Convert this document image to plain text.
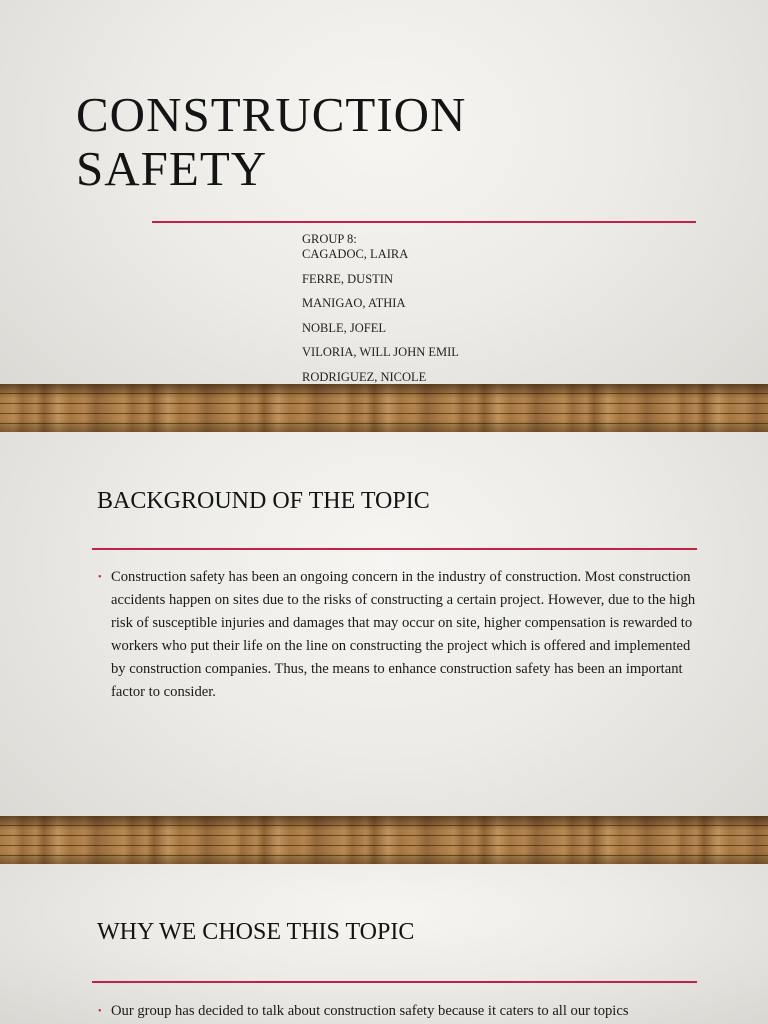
CONSTRUCTION
SAFETY
GROUP 8:
CAGADOC, LAIRA
FERRE, DUSTIN
MANIGAO, ATHIA
NOBLE, JOFEL
VILORIA, WILL JOHN EMIL
RODRIGUEZ, NICOLE
BACKGROUND OF THE TOPIC
• Construction safety has been an ongoing concern in the industry of construction. Most construction accidents happen on sites due to the risks of constructing a certain project. However, due to the high risk of susceptible injuries and damages that may occur on site, higher compensation is rewarded to workers who put their life on the line on constructing the project which is offered and implemented by construction companies. Thus, the means to enhance construction safety has been an important factor to consider.

WHY WE CHOSE THIS TOPIC
• Our group has decided to talk about construction safety because it caters to all our topics
